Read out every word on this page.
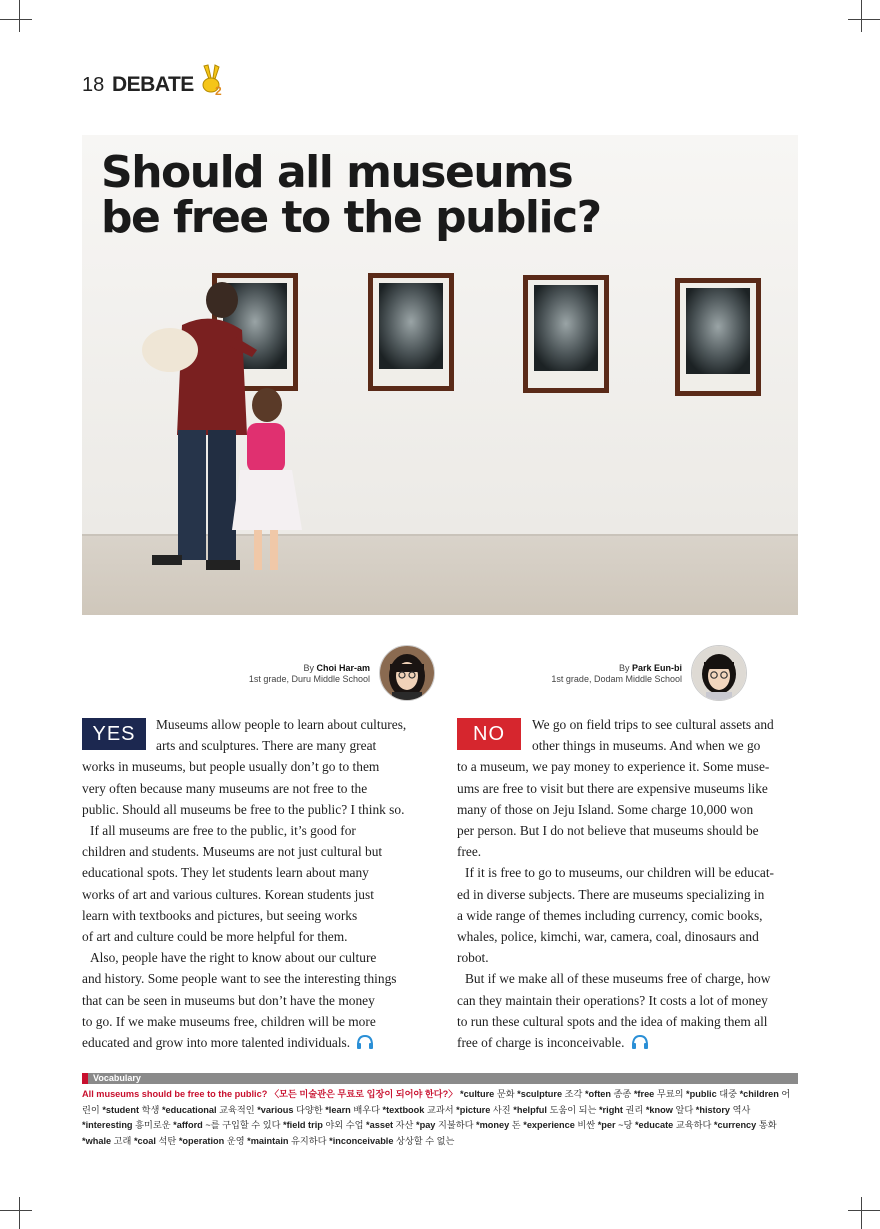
18 DEBATE 2
Should all museums
be free to the public?
By Choi Har-am
1st grade, Duru Middle School
By Park Eun-bi
1st grade, Dodam Middle School
YES	Museums allow people to learn about cultures,

arts and sculptures. There are many great

works in museums, but people usually don’t go to them

very often because many museums are not free to the

public. Should all museums be free to the public? I think so.

If all museums are free to the public, it’s good for

children and students. Museums are not just cultural but

educational spots. They let students learn about many

works of art and various cultures. Korean students just

learn with textbooks and pictures, but seeing works

of art and culture could be more helpful for them.

Also, people have the right to know about our culture

and history. Some people want to see the interesting things

that can be seen in museums but don’t have the money

to go. If we make museums free, children will be more

educated and grow into more talented individuals.

NO	We go on field trips to see cultural assets and

other things in museums. And when we go

to a museum, we pay money to experience it. Some muse-

ums are free to visit but there are expensive museums like

many of those on Jeju Island. Some charge 10,000 won

per person. But I do not believe that museums should be

free.

If it is free to go to museums, our children will be educat-

ed in diverse subjects. There are museums specializing in

a wide range of themes including currency, comic books,

whales, police, kimchi, war, camera, coal, dinosaurs and

robot.

But if we make all of these museums free of charge, how

can they maintain their operations? It costs a lot of money

to run these cultural spots and the idea of making them all

free of charge is inconceivable.

Vocabulary
All museums should be free to the public? 〈모든 미술관은 무료로 입장이 되어야 한다?〉 *culture 문화 *sculpture 조각 *often 종종 *free 무료의 *public 대중 *children 어린이 *student 학생 *educational 교육적인 *various 다양한 *learn 배우다 *textbook 교과서 *picture 사진 *helpful 도움이 되는 *right 권리 *know 알다 *history 역사 *interesting 흥미로운 *afford ~를 구입할 수 있다 *field trip 야외 수업 *asset 자산 *pay 지불하다 *money 돈 *experience 비싼 *per ~당 *educate 교육하다 *currency 통화 *whale 고래 *coal 석탄 *operation 운영 *maintain 유지하다 *inconceivable 상상할 수 없는
